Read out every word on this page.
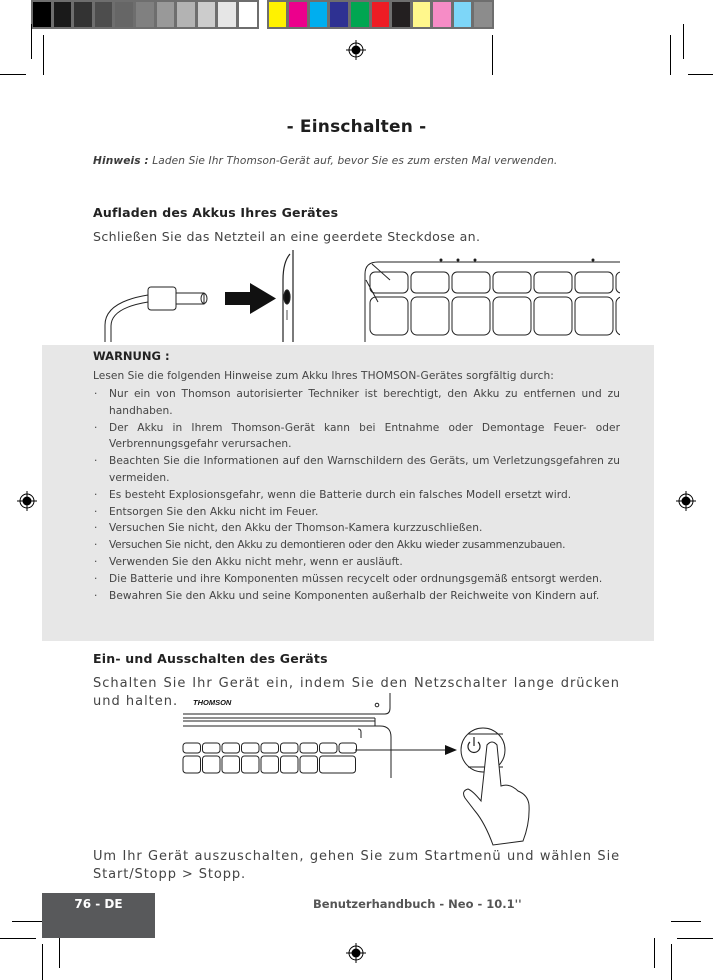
- Einschalten -
Hinweis : Laden Sie Ihr Thomson-Gerät auf, bevor Sie es zum ersten Mal verwenden.
Aufladen des Akkus Ihres Gerätes
Schließen Sie das Netzteil an eine geerdete Steckdose an.
WARNUNG :
Lesen Sie die folgenden Hinweise zum Akku Ihres THOMSON-Gerätes sorgfältig durch:
· Nur ein von Thomson autorisierter Techniker ist berechtigt, den Akku zu entfernen und zu handhaben.
· Der Akku in Ihrem Thomson-Gerät kann bei Entnahme oder Demontage Feuer- oder Verbrennungsgefahr verursachen.
· Beachten Sie die Informationen auf den Warnschildern des Geräts, um Verletzungsgefahren zu vermeiden.
· Es besteht Explosionsgefahr, wenn die Batterie durch ein falsches Modell ersetzt wird.
· Entsorgen Sie den Akku nicht im Feuer.
· Versuchen Sie nicht, den Akku der Thomson-Kamera kurzzuschließen.
· Versuchen Sie nicht, den Akku zu demontieren oder den Akku wieder zusammenzubauen.
· Verwenden Sie den Akku nicht mehr, wenn er ausläuft.
· Die Batterie und ihre Komponenten müssen recycelt oder ordnungsgemäß entsorgt werden.
· Bewahren Sie den Akku und seine Komponenten außerhalb der Reichweite von Kindern auf.
Ein- und Ausschalten des Geräts
Schalten Sie Ihr Gerät ein, indem Sie den Netzschalter lange drücken und halten.	THOMSON
Um Ihr Gerät auszuschalten, gehen Sie zum Startmenü und wählen Sie Start/Stopp > Stopp.
76 - DE	Benutzerhandbuch - Neo - 10.1''
